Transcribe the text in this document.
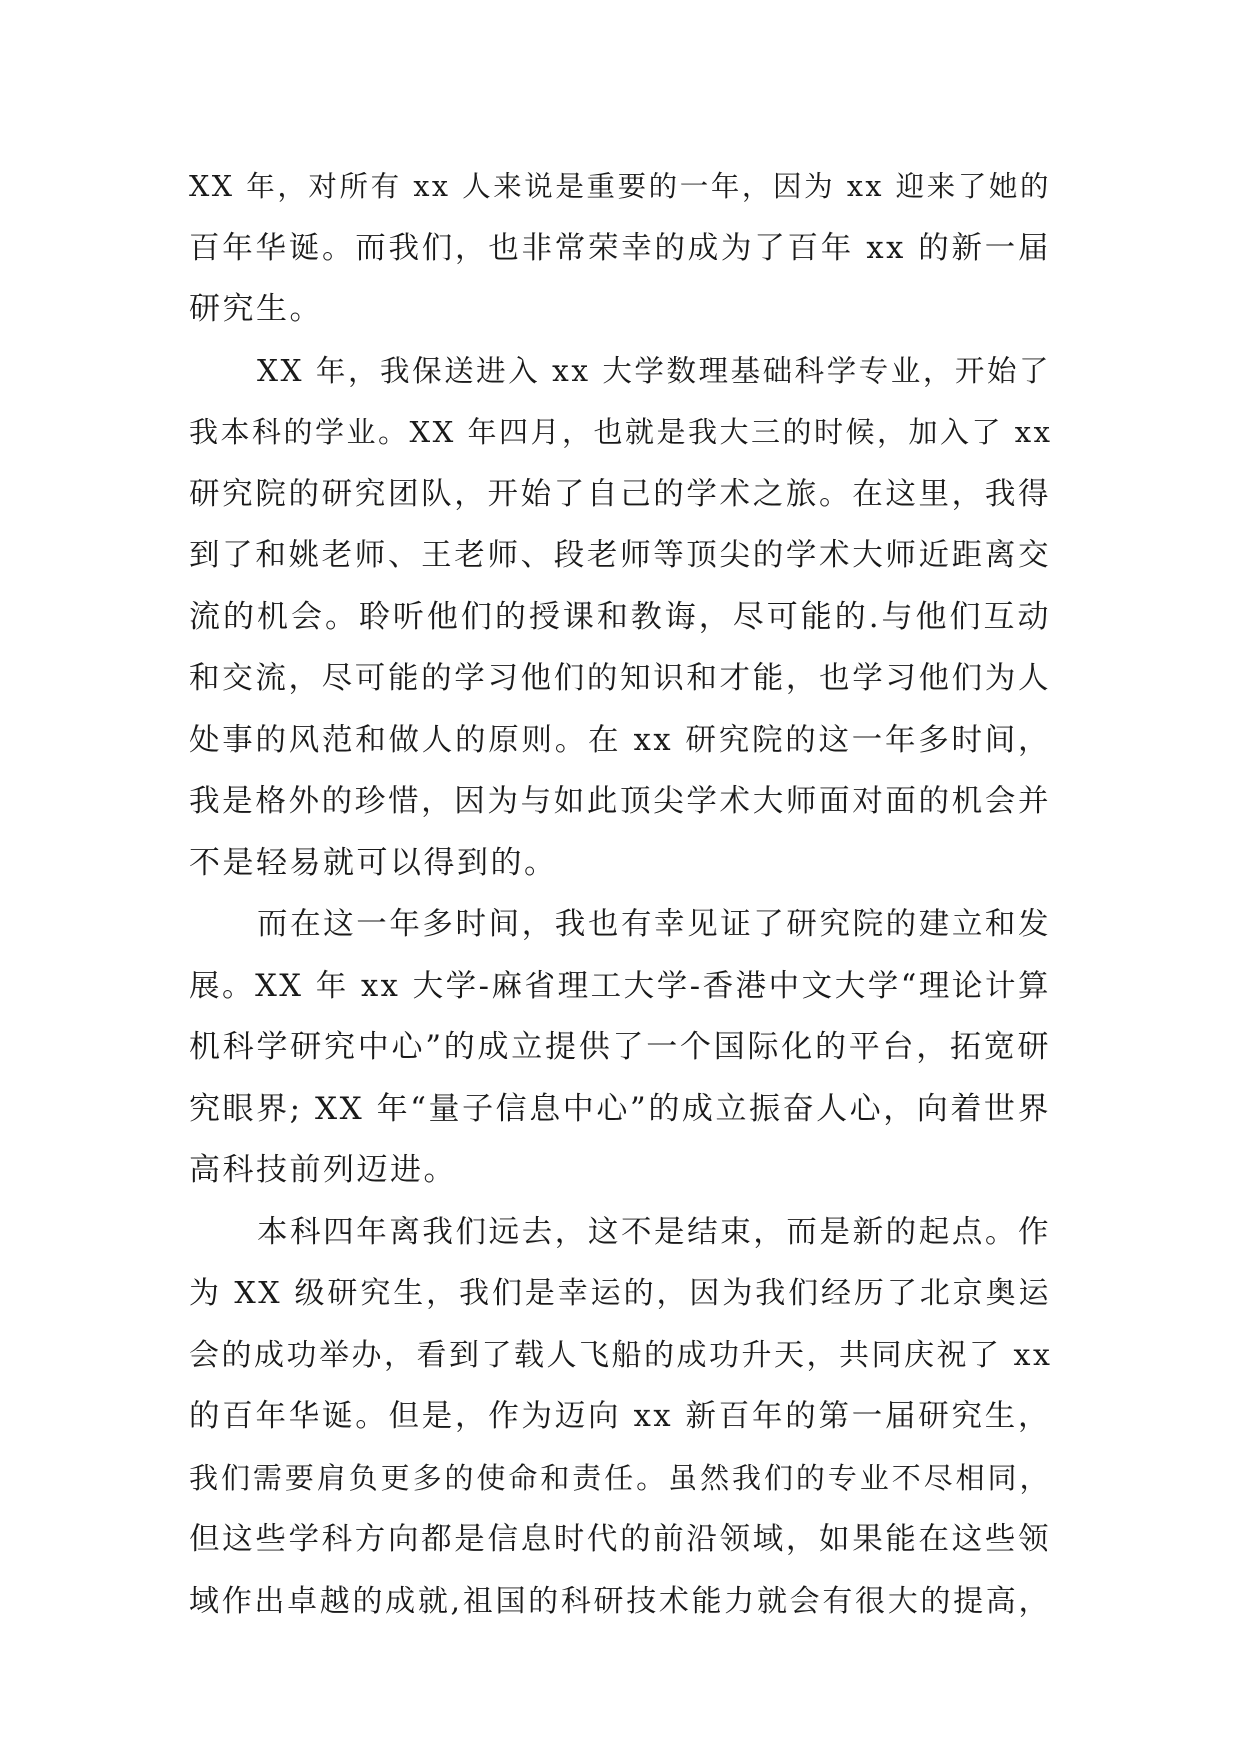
XX 年，对所有 xx 人来说是重要的一年，因为 xx 迎来了她的
百年华诞。而我们，也非常荣幸的成为了百年 xx 的新一届
研究生。

XX 年，我保送进入 xx 大学数理基础科学专业，开始了
我本科的学业。XX 年四月，也就是我大三的时候，加入了 xx
研究院的研究团队，开始了自己的学术之旅。在这里，我得
到了和姚老师、王老师、段老师等顶尖的学术大师近距离交
流的机会。聆听他们的授课和教诲，尽可能的.与他们互动
和交流，尽可能的学习他们的知识和才能，也学习他们为人
处事的风范和做人的原则。在 xx 研究院的这一年多时间，
我是格外的珍惜，因为与如此顶尖学术大师面对面的机会并
不是轻易就可以得到的。

而在这一年多时间，我也有幸见证了研究院的建立和发
展。XX 年 xx 大学-麻省理工大学-香港中文大学“理论计算
机科学研究中心”的成立提供了一个国际化的平台，拓宽研
究眼界; XX 年“量子信息中心”的成立振奋人心，向着世界
高科技前列迈进。

本科四年离我们远去，这不是结束，而是新的起点。作
为 XX 级研究生，我们是幸运的，因为我们经历了北京奥运
会的成功举办，看到了载人飞船的成功升天，共同庆祝了 xx
的百年华诞。但是，作为迈向 xx 新百年的第一届研究生，
我们需要肩负更多的使命和责任。虽然我们的专业不尽相同，
但这些学科方向都是信息时代的前沿领域，如果能在这些领
域作出卓越的成就,祖国的科研技术能力就会有很大的提高，
